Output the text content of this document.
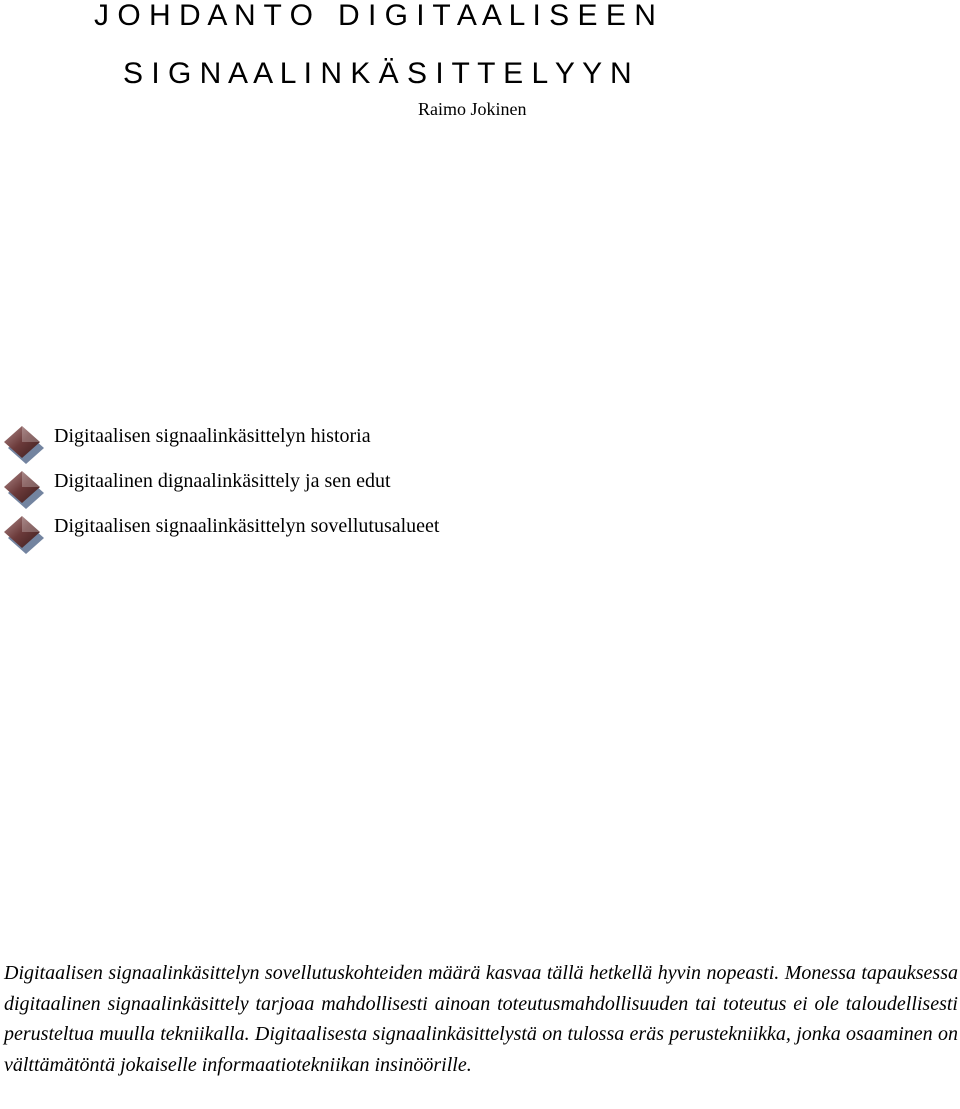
J O H D A N T O   D I G I T A A L I S E E N
S I G N A A L I N K Ä S I T T E L Y Y N
Raimo Jokinen
Digitaalisen signaalinkäsittelyn historia
Digitaalinen dignaalinkäsittely ja sen edut
Digitaalisen signaalinkäsittelyn sovellutusalueet

Digitaalisen signaalinkäsittelyn sovellutuskohteiden määrä kasvaa tällä hetkellä hyvin nopeasti. Monessa tapauksessa digitaalinen signaalinkäsittely tarjoaa mahdollisesti ainoan toteutusmahdollisuuden tai toteutus ei ole taloudellisesti perusteltua muulla tekniikalla. Digitaalisesta signaalinkäsittelystä on tulossa eräs perustekniikka, jonka osaaminen on välttämätöntä jokaiselle informaatiotekniikan insinöörille.
